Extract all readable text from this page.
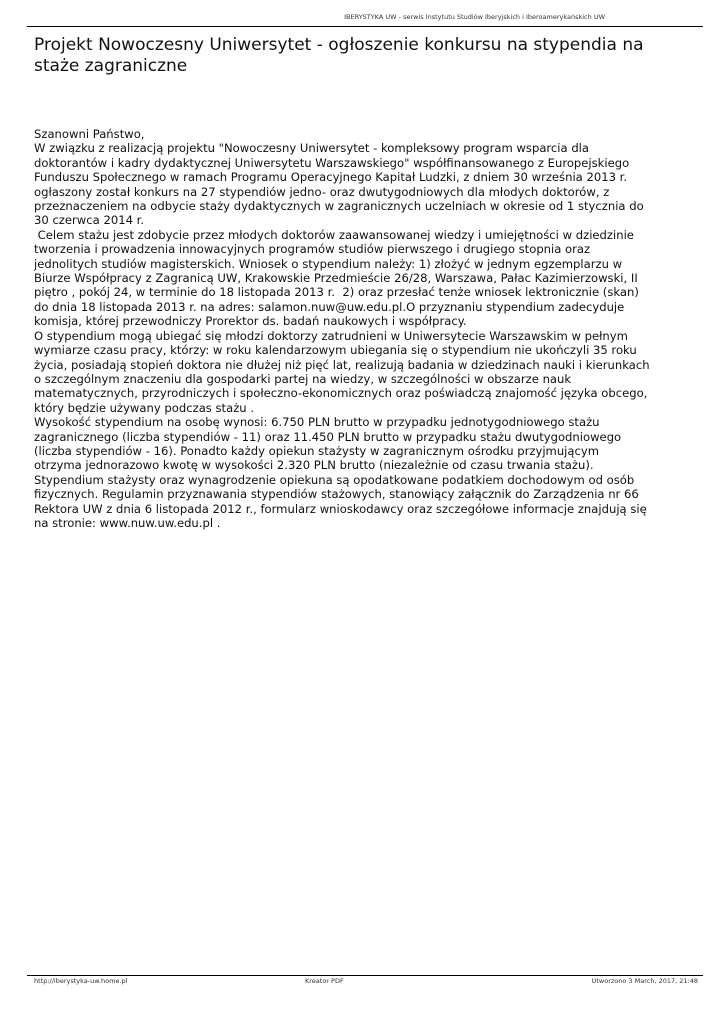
IBERYSTYKA UW - serwis Instytutu Studiów Iberyjskich i Iberoamerykańskich UW
Projekt Nowoczesny Uniwersytet - ogłoszenie konkursu na stypendia na
staże zagraniczne

Szanowni Państwo,

W związku z realizacją projektu "Nowoczesny Uniwersytet - kompleksowy program wsparcia dla

doktorantów i kadry dydaktycznej Uniwersytetu Warszawskiego" współfinansowanego z Europejskiego

Funduszu Społecznego w ramach Programu Operacyjnego Kapitał Ludzki, z dniem 30 września 2013 r.

ogłaszony został konkurs na 27 stypendiów jedno- oraz dwutygodniowych dla młodych doktorów, z

przeznaczeniem na odbycie staży dydaktycznych w zagranicznych uczelniach w okresie od 1 stycznia do

30 czerwca 2014 r.

Celem stażu jest zdobycie przez młodych doktorów zaawansowanej wiedzy i umiejętności w dziedzinie

tworzenia i prowadzenia innowacyjnych programów studiów pierwszego i drugiego stopnia oraz

jednolitych studiów magisterskich. Wniosek o stypendium należy: 1) złożyć w jednym egzemplarzu w

Biurze Współpracy z Zagranicą UW, Krakowskie Przedmieście 26/28, Warszawa, Pałac Kazimierzowski, II

piętro , pokój 24, w terminie do 18 listopada 2013 r.  2) oraz przesłać tenże wniosek lektronicznie (skan)

do dnia 18 listopada 2013 r. na adres: salamon.nuw@uw.edu.pl.O przyznaniu stypendium zadecyduje

komisja, której przewodniczy Prorektor ds. badań naukowych i współpracy.

O stypendium mogą ubiegać się młodzi doktorzy zatrudnieni w Uniwersytecie Warszawskim w pełnym

wymiarze czasu pracy, którzy: w roku kalendarzowym ubiegania się o stypendium nie ukończyli 35 roku

życia, posiadają stopień doktora nie dłużej niż pięć lat, realizują badania w dziedzinach nauki i kierunkach

o szczególnym znaczeniu dla gospodarki partej na wiedzy, w szczególności w obszarze nauk

matematycznych, przyrodniczych i społeczno-ekonomicznych oraz poświadczą znajomość języka obcego,

który będzie używany podczas stażu .

Wysokość stypendium na osobę wynosi: 6.750 PLN brutto w przypadku jednotygodniowego stażu

zagranicznego (liczba stypendiów - 11) oraz 11.450 PLN brutto w przypadku stażu dwutygodniowego

(liczba stypendiów - 16). Ponadto każdy opiekun stażysty w zagranicznym ośrodku przyjmującym

otrzyma jednorazowo kwotę w wysokości 2.320 PLN brutto (niezależnie od czasu trwania stażu).

Stypendium stażysty oraz wynagrodzenie opiekuna są opodatkowane podatkiem dochodowym od osób

fizycznych. Regulamin przyznawania stypendiów stażowych, stanowiący załącznik do Zarządzenia nr 66

Rektora UW z dnia 6 listopada 2012 r., formularz wnioskodawcy oraz szczegółowe informacje znajdują się

na stronie: www.nuw.uw.edu.pl .

http://iberystyka-uw.home.pl	Kreator PDF	Utworzono 3 March, 2017, 21:48
